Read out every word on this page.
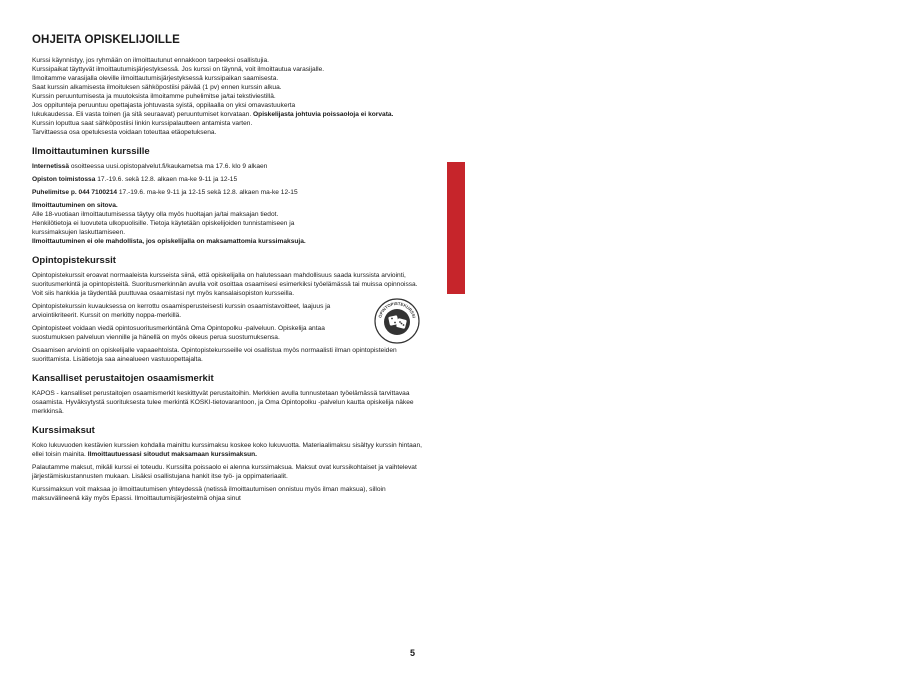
OHJEITA OPISKELIJOILLE
OHJEITA OPISKELIJOILLE

Kurssi käynnistyy, jos ryhmään on ilmoittautunut ennakkoon tarpeeksi osallistujia.

Kurssipaikat täyttyvät ilmoittautumisjärjestyksessä. Jos kurssi on täynnä, voit ilmoittautua varasijalle.

Ilmoitamme varasijalla oleville ilmoittautumisjärjestyksessä kurssipaikan saamisesta.

Saat kurssin alkamisesta ilmoituksen sähköpostiisi päivää (1 pv) ennen kurssin alkua.

Kurssin peruuntumisesta ja muutoksista ilmoitamme puhelimitse ja/tai tekstiviestillä.

Jos oppitunteja peruuntuu opettajasta johtuvasta syistä, oppilaalla on yksi omavastuukerta

lukukaudessa. Eli vasta toinen (ja sitä seuraavat) peruuntumiset korvataan. Opiskelijasta johtuvia poissaoloja ei korvata.

Kurssin loputtua saat sähköpostiisi linkin kurssipalautteen antamista varten.

Tarvittaessa osa opetuksesta voidaan toteuttaa etäopetuksena.

Ilmoittautuminen kurssille

Internetissä osoitteessa uusi.opistopalvelut.fi/kaukametsa ma 17.6. klo 9 alkaen

Opiston toimistossa 17.-19.6. sekä 12.8. alkaen ma-ke 9-11 ja 12-15

Puhelimitse p. 044 7100214 17.-19.6. ma-ke 9-11 ja 12-15 sekä 12.8. alkaen ma-ke 12-15

Ilmoittautuminen on sitova.

Alle 18-vuotiaan ilmoittautumisessa täytyy olla myös huoltajan ja/tai maksajan tiedot.

Henkilötietoja ei luovuteta ulkopuolisille. Tietoja käytetään opiskelijoiden tunnistamiseen ja

kurssimaksujen laskuttamiseen.

Ilmoittautuminen ei ole mahdollista, jos opiskelijalla on maksamattomia kurssimaksuja.

Opintopistekurssit

Opintopistekurssit eroavat normaaleista kursseista siinä, että opiskelijalla on halutessaan mahdollisuus saada kurssista arviointi, suoritusmerkintä ja opintopisteitä. Suoritusmerkinnän avulla voit osoittaa osaamisesi esimerkiksi työelämässä tai muissa opinnoissa. Voit siis hankkia ja täydentää puuttuvaa osaamistasi nyt myös kansalaisopiston kursseilla.

Opintopistekurssin kuvauksessa on kerrottu osaamisperusteisesti kurssin osaamistavoitteet, laajuus ja arviointikriteerit. Kurssit on merkitty noppa-merkillä.

Opintopisteet voidaan viedä opintosuoritusmerkintänä Oma Opintopolku -palveluun. Opiskelija antaa suostumuksen palveluun viennille ja hänellä on myös oikeus perua suostumuksensa.

OPINTOPISTEKURSSI

Osaamisen arviointi on opiskelijalle vapaaehtoista. Opintopistekursseille voi osallistua myös normaalisti ilman opintopisteiden suorittamista. Lisätietoja saa ainealueen vastuuopettajalta.

Kansalliset perustaitojen osaamismerkit

KAPOS - kansalliset perustaitojen osaamismerkit keskittyvät perustaitoihin. Merkkien avulla tunnustetaan työelämässä tarvittavaa osaamista. Hyväksytystä suorituksesta tulee merkintä KOSKI-tietovarantoon, ja Oma Opintopolku -palvelun kautta opiskelija näkee merkkinsä.

Kurssimaksut

Koko lukuvuoden kestävien kurssien kohdalla mainittu kurssimaksu koskee koko lukuvuotta. Materiaalimaksu sisältyy kurssin hintaan, ellei toisin mainita. Ilmoittautuessasi sitoudut maksamaan kurssimaksun.

Palautamme maksut, mikäli kurssi ei toteudu. Kurssilta poissaolo ei alenna kurssimaksua. Maksut ovat kurssikohtaiset ja vaihtelevat järjestämiskustannusten mukaan. Lisäksi osallistujana hankit itse työ- ja oppimateriaalit.

Kurssimaksun voit maksaa jo ilmoittautumisen yhteydessä (netissä ilmoittautumisen onnistuu myös ilman maksua), silloin maksuvälineenä käy myös Epassi. Ilmoittautumisjärjestelmä ohjaa sinut

5
